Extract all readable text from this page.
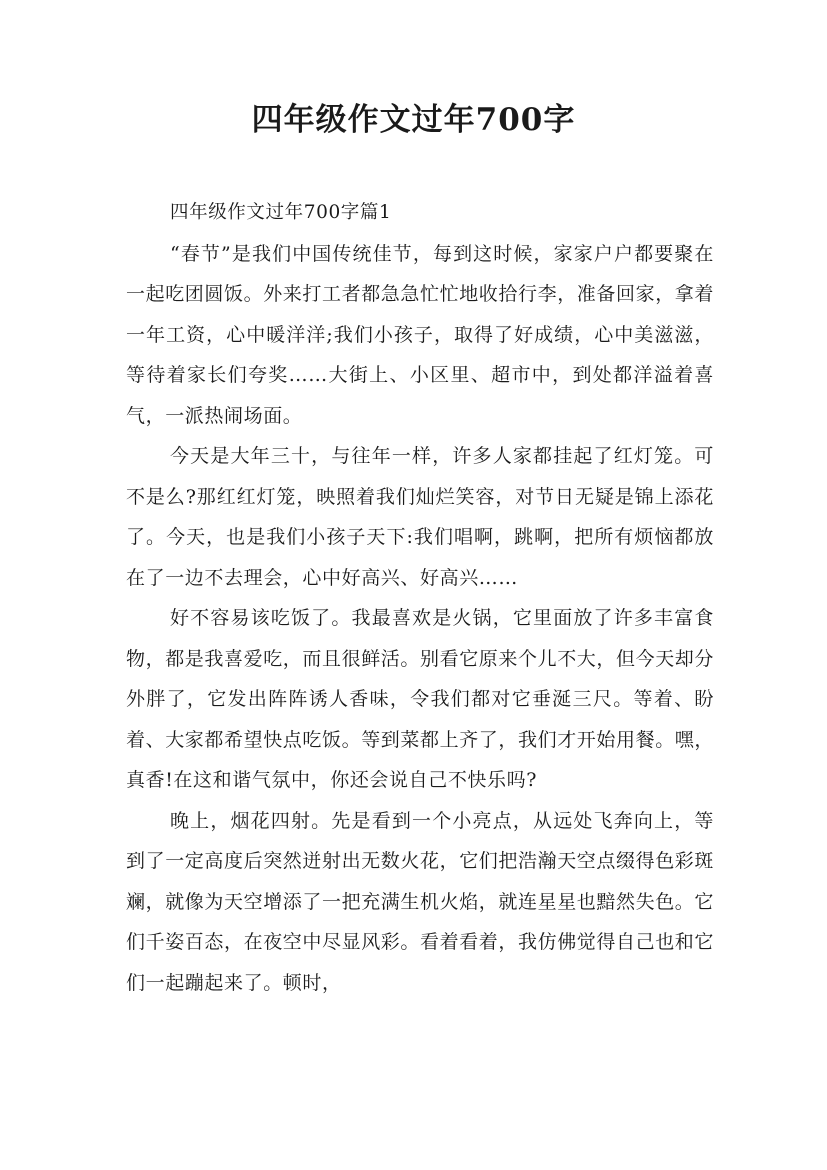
四年级作文过年700字

四年级作文过年700字篇1

“春节”是我们中国传统佳节，每到这时候，家家户户都要聚在一起吃团圆饭。外来打工者都急急忙忙地收拾行李，准备回家，拿着一年工资，心中暖洋洋;我们小孩子，取得了好成绩，心中美滋滋，等待着家长们夸奖……大街上、小区里、超市中，到处都洋溢着喜气，一派热闹场面。

今天是大年三十，与往年一样，许多人家都挂起了红灯笼。可不是么?那红红灯笼，映照着我们灿烂笑容，对节日无疑是锦上添花了。今天，也是我们小孩子天下:我们唱啊，跳啊，把所有烦恼都放在了一边不去理会，心中好高兴、好高兴……

好不容易该吃饭了。我最喜欢是火锅，它里面放了许多丰富食物，都是我喜爱吃，而且很鲜活。别看它原来个儿不大，但今天却分外胖了，它发出阵阵诱人香味，令我们都对它垂涎三尺。等着、盼着、大家都希望快点吃饭。等到菜都上齐了，我们才开始用餐。嘿，真香!在这和谐气氛中，你还会说自己不快乐吗?

晚上，烟花四射。先是看到一个小亮点，从远处飞奔向上，等到了一定高度后突然迸射出无数火花，它们把浩瀚天空点缀得色彩斑斓，就像为天空增添了一把充满生机火焰，就连星星也黯然失色。它们千姿百态，在夜空中尽显风彩。看着看着，我仿佛觉得自己也和它们一起蹦起来了。顿时，
